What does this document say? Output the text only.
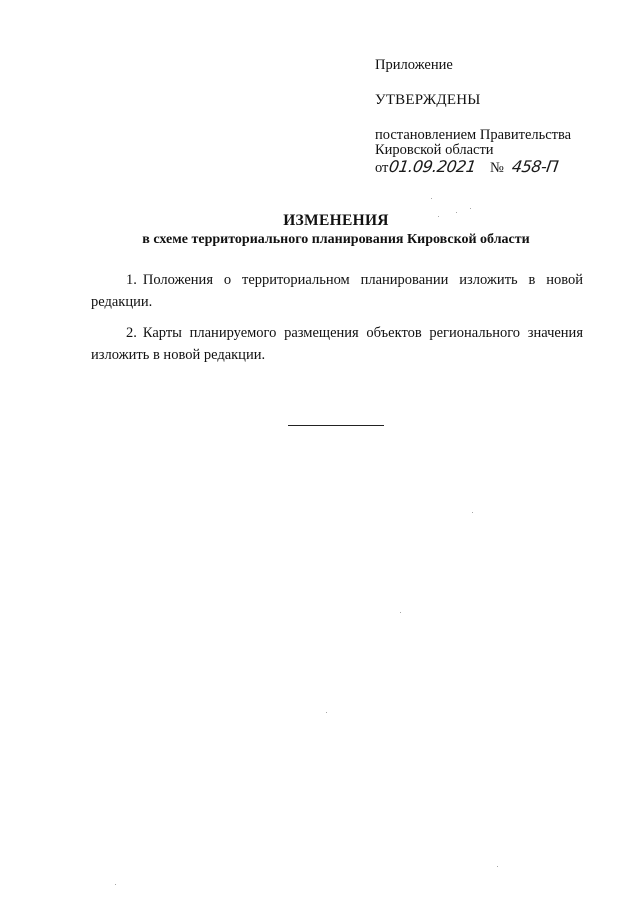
Приложение
УТВЕРЖДЕНЫ
постановлением Правительства
Кировской области
от 01.09.2021 № 458-П
ИЗМЕНЕНИЯ
в схеме территориального планирования Кировской области

1. Положения о территориальном планировании изложить в новой редакции.

2. Карты планируемого размещения объектов регионального значения изложить в новой редакции.
